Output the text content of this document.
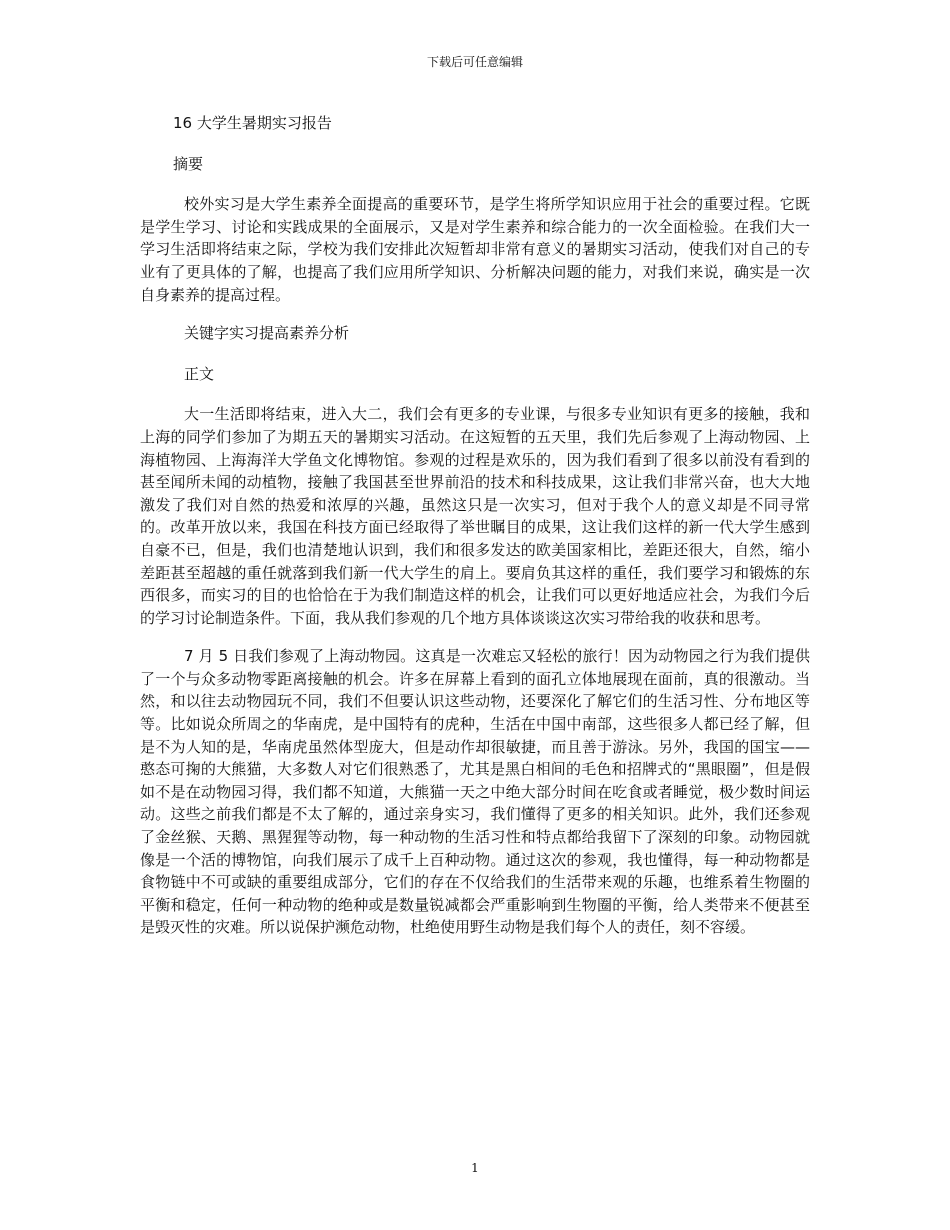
下载后可任意编辑

16 大学生暑期实习报告

摘要

校外实习是大学生素养全面提高的重要环节，是学生将所学知识应用于社会的重要过程。它既是学生学习、讨论和实践成果的全面展示，又是对学生素养和综合能力的一次全面检验。在我们大一学习生活即将结束之际，学校为我们安排此次短暂却非常有意义的暑期实习活动，使我们对自己的专业有了更具体的了解，也提高了我们应用所学知识、分析解决问题的能力，对我们来说，确实是一次自身素养的提高过程。

关键字实习提高素养分析

正文

大一生活即将结束，进入大二，我们会有更多的专业课，与很多专业知识有更多的接触，我和上海的同学们参加了为期五天的暑期实习活动。在这短暂的五天里，我们先后参观了上海动物园、上海植物园、上海海洋大学鱼文化博物馆。参观的过程是欢乐的，因为我们看到了很多以前没有看到的甚至闻所未闻的动植物，接触了我国甚至世界前沿的技术和科技成果，这让我们非常兴奋，也大大地激发了我们对自然的热爱和浓厚的兴趣，虽然这只是一次实习，但对于我个人的意义却是不同寻常的。改革开放以来，我国在科技方面已经取得了举世瞩目的成果，这让我们这样的新一代大学生感到自豪不已，但是，我们也清楚地认识到，我们和很多发达的欧美国家相比，差距还很大，自然，缩小差距甚至超越的重任就落到我们新一代大学生的肩上。要肩负其这样的重任，我们要学习和锻炼的东西很多，而实习的目的也恰恰在于为我们制造这样的机会，让我们可以更好地适应社会，为我们今后的学习讨论制造条件。下面，我从我们参观的几个地方具体谈谈这次实习带给我的收获和思考。

7 月 5 日我们参观了上海动物园。这真是一次难忘又轻松的旅行！因为动物园之行为我们提供了一个与众多动物零距离接触的机会。许多在屏幕上看到的面孔立体地展现在面前，真的很激动。当然，和以往去动物园玩不同，我们不但要认识这些动物，还要深化了解它们的生活习性、分布地区等等。比如说众所周之的华南虎，是中国特有的虎种，生活在中国中南部，这些很多人都已经了解，但是不为人知的是，华南虎虽然体型庞大，但是动作却很敏捷，而且善于游泳。另外，我国的国宝——憨态可掬的大熊猫，大多数人对它们很熟悉了，尤其是黑白相间的毛色和招牌式的“黑眼圈”，但是假如不是在动物园习得，我们都不知道，大熊猫一天之中绝大部分时间在吃食或者睡觉，极少数时间运动。这些之前我们都是不太了解的，通过亲身实习，我们懂得了更多的相关知识。此外，我们还参观了金丝猴、天鹅、黑猩猩等动物，每一种动物的生活习性和特点都给我留下了深刻的印象。动物园就像是一个活的博物馆，向我们展示了成千上百种动物。通过这次的参观，我也懂得，每一种动物都是食物链中不可或缺的重要组成部分，它们的存在不仅给我们的生活带来观的乐趣，也维系着生物圈的平衡和稳定，任何一种动物的绝种或是数量锐减都会严重影响到生物圈的平衡，给人类带来不便甚至是毁灭性的灾难。所以说保护濒危动物，杜绝使用野生动物是我们每个人的责任，刻不容缓。

1
